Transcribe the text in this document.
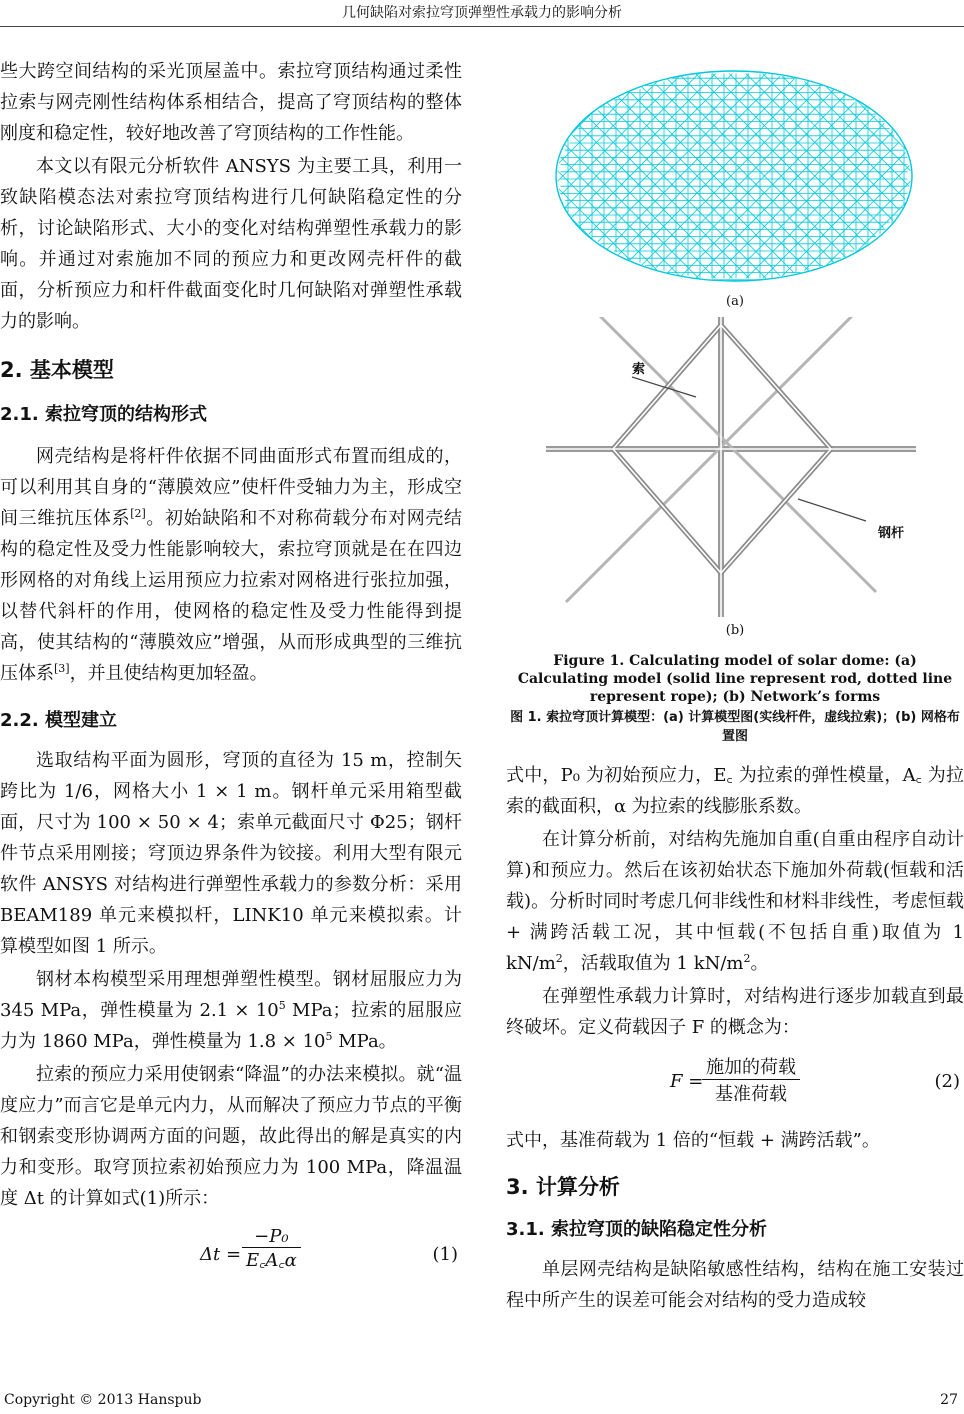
几何缺陷对索拉穹顶弹塑性承载力的影响分析

些大跨空间结构的采光顶屋盖中。索拉穹顶结构通过柔性拉索与网壳刚性结构体系相结合，提高了穹顶结构的整体刚度和稳定性，较好地改善了穹顶结构的工作性能。

本文以有限元分析软件 ANSYS 为主要工具，利用一致缺陷模态法对索拉穹顶结构进行几何缺陷稳定性的分析，讨论缺陷形式、大小的变化对结构弹塑性承载力的影响。并通过对索施加不同的预应力和更改网壳杆件的截面，分析预应力和杆件截面变化时几何缺陷对弹塑性承载力的影响。

2. 基本模型
2.1. 索拉穹顶的结构形式

网壳结构是将杆件依据不同曲面形式布置而组成的，可以利用其自身的“薄膜效应”使杆件受轴力为主，形成空间三维抗压体系[2]。初始缺陷和不对称荷载分布对网壳结构的稳定性及受力性能影响较大，索拉穹顶就是在在四边形网格的对角线上运用预应力拉索对网格进行张拉加强，以替代斜杆的作用，使网格的稳定性及受力性能得到提高，使其结构的“薄膜效应”增强，从而形成典型的三维抗压体系[3]，并且使结构更加轻盈。

2.2. 模型建立

选取结构平面为圆形，穹顶的直径为 15 m，控制矢跨比为 1/6，网格大小 1 × 1 m。钢杆单元采用箱型截面，尺寸为 100 × 50 × 4；索单元截面尺寸 Φ25；钢杆件节点采用刚接；穹顶边界条件为铰接。利用大型有限元软件 ANSYS 对结构进行弹塑性承载力的参数分析：采用 BEAM189 单元来模拟杆，LINK10 单元来模拟索。计算模型如图 1 所示。

钢材本构模型采用理想弹塑性模型。钢材屈服应力为 345 MPa，弹性模量为 $2.1 \times 10^5$ MPa；拉索的屈服应力为 1860 MPa，弹性模量为 $1.8 \times 10^5$ MPa。

拉索的预应力采用使钢索“降温”的办法来模拟。就“温度应力”而言它是单元内力，从而解决了预应力节点的平衡和钢索变形协调两方面的问题，故此得出的解是真实的内力和变形。取穹顶拉索初始预应力为 100 MPa，降温温度 Δt 的计算如式(1)所示：

$\Delta t = \frac{\text{−P₀}}{E꜀A꜀\alpha}$	(1)
(a)
索
钢杆
(b)

Figure 1. Calculating model of solar dome: (a) Calculating model (solid line represent rod, dotted line represent rope); (b) Network’s forms

图 1. 索拉穹顶计算模型：(a) 计算模型图(实线杆件，虚线拉索)；(b) 网格布置图

式中，P₀ 为初始预应力，E꜀ 为拉索的弹性模量，A꜀ 为拉索的截面积，α 为拉索的线膨胀系数。

在计算分析前，对结构先施加自重(自重由程序自动计算)和预应力。然后在该初始状态下施加外荷载(恒载和活载)。分析时同时考虑几何非线性和材料非线性，考虑恒载 + 满跨活载工况，其中恒载(不包括自重)取值为 1 $kN/m^2$，活载取值为 1 $kN/m^2$。

在弹塑性承载力计算时，对结构进行逐步加载直到最终破坏。定义荷载因子 F 的概念为：

F =
施加的荷载
基准荷载
(2)

式中，基准荷载为 1 倍的“恒载 + 满跨活载”。

3. 计算分析
3.1. 索拉穹顶的缺陷稳定性分析

单层网壳结构是缺陷敏感性结构，结构在施工安装过程中所产生的误差可能会对结构的受力造成较

Copyright © 2013 Hanspub	27
